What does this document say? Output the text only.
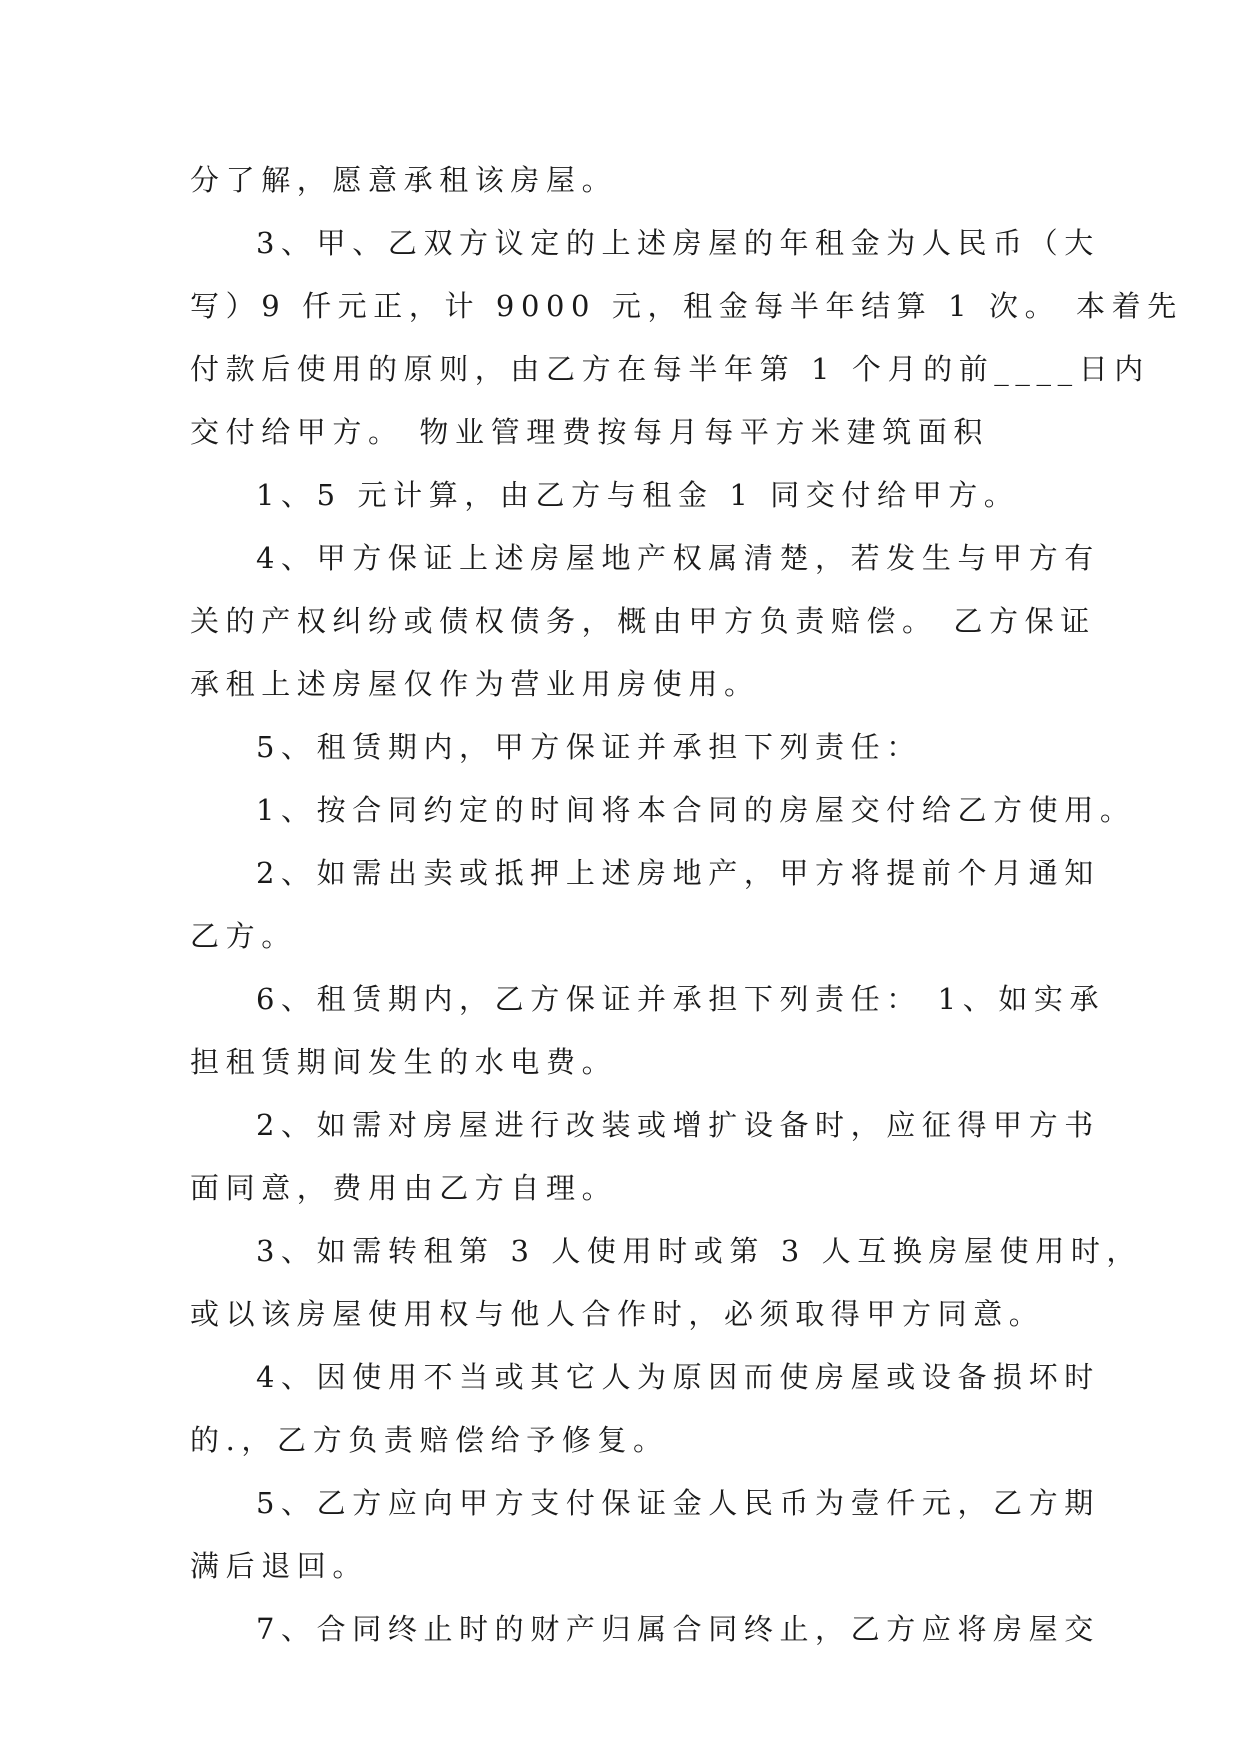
分了解，愿意承租该房屋。

3、甲、乙双方议定的上述房屋的年租金为人民币（大

写）9 仟元正，计 9000 元，租金每半年结算 1 次。 本着先

付款后使用的原则，由乙方在每半年第 1 个月的前____日内

交付给甲方。 物业管理费按每月每平方米建筑面积

1、5 元计算，由乙方与租金 1 同交付给甲方。

4、甲方保证上述房屋地产权属清楚，若发生与甲方有

关的产权纠纷或债权债务，概由甲方负责赔偿。 乙方保证

承租上述房屋仅作为营业用房使用。

5、租赁期内，甲方保证并承担下列责任：

1、按合同约定的时间将本合同的房屋交付给乙方使用。

2、如需出卖或抵押上述房地产，甲方将提前个月通知

乙方。

6、租赁期内，乙方保证并承担下列责任： 1、如实承

担租赁期间发生的水电费。

2、如需对房屋进行改装或增扩设备时，应征得甲方书

面同意，费用由乙方自理。

3、如需转租第 3 人使用时或第 3 人互换房屋使用时，

或以该房屋使用权与他人合作时，必须取得甲方同意。

4、因使用不当或其它人为原因而使房屋或设备损坏时

的.，乙方负责赔偿给予修复。

5、乙方应向甲方支付保证金人民币为壹仟元，乙方期

满后退回。

7、合同终止时的财产归属合同终止，乙方应将房屋交
